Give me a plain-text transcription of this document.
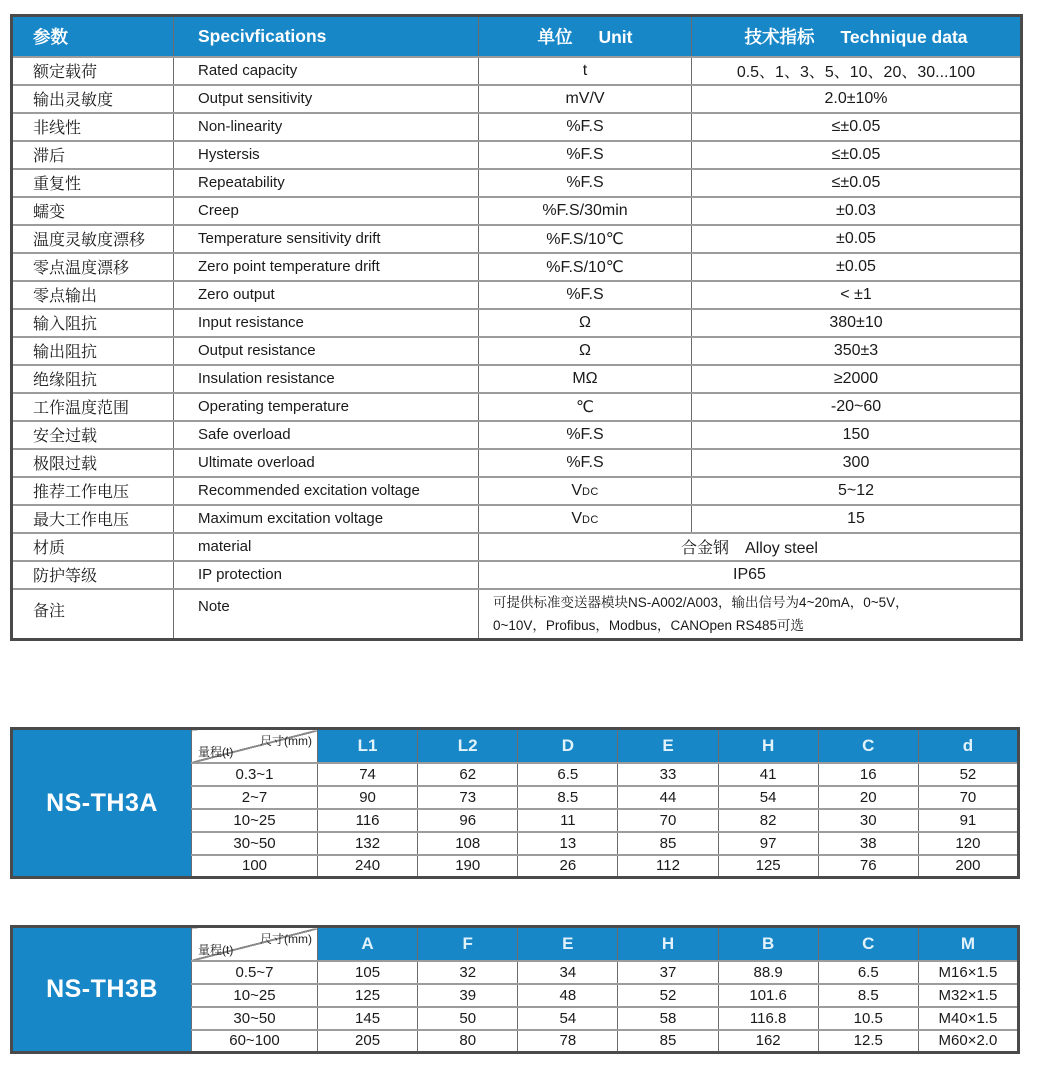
参数	Specivfications	单位 Unit	技术指标 Technique data

额定载荷	Rated capacity	t	0.5、1、3、5、10、20、30...100
输出灵敏度	Output sensitivity	mV/V	2.0±10%
非线性	Non-linearity	%F.S	≤±0.05
滞后	Hystersis	%F.S	≤±0.05
重复性	Repeatability	%F.S	≤±0.05
蠕变	Creep	%F.S/30min	±0.03
温度灵敏度漂移	Temperature sensitivity drift	%F.S/10℃	±0.05
零点温度漂移	Zero point temperature drift	%F.S/10℃	±0.05
零点输出	Zero output	%F.S	< ±1
输入阻抗	Input resistance	Ω	380±10
输出阻抗	Output resistance	Ω	350±3
绝缘阻抗	Insulation resistance	MΩ	≥2000
工作温度范围	Operating temperature	℃	-20~60
安全过载	Safe overload	%F.S	150
极限过载	Ultimate overload	%F.S	300
推荐工作电压	Recommended excitation voltage	VDC	5~12
最大工作电压	Maximum excitation voltage	VDC	15
材质	material	合金钢　Alloy steel	
防护等级	IP protection	IP65	
备注	Note	可提供标准变送器模块NS-A002/A003，输出信号为4~20mA，0~5V，
0~10V，Profibus，Modbus，CANOpen RS485可选	
NS-TH3A	尺寸(mm)
量程(t)	L1	L2	D	E	H	C	d
	0.3~1	74	62	6.5	33	41	16	52
	2~7	90	73	8.5	44	54	20	70
	10~25	116	96	11	70	82	30	91
	30~50	132	108	13	85	97	38	120
	100	240	190	26	112	125	76	200
NS-TH3B	尺寸(mm)
量程(t)	A	F	E	H	B	C	M
	0.5~7	105	32	34	37	88.9	6.5	M16×1.5
	10~25	125	39	48	52	101.6	8.5	M32×1.5
	30~50	145	50	54	58	116.8	10.5	M40×1.5
	60~100	205	80	78	85	162	12.5	M60×2.0
